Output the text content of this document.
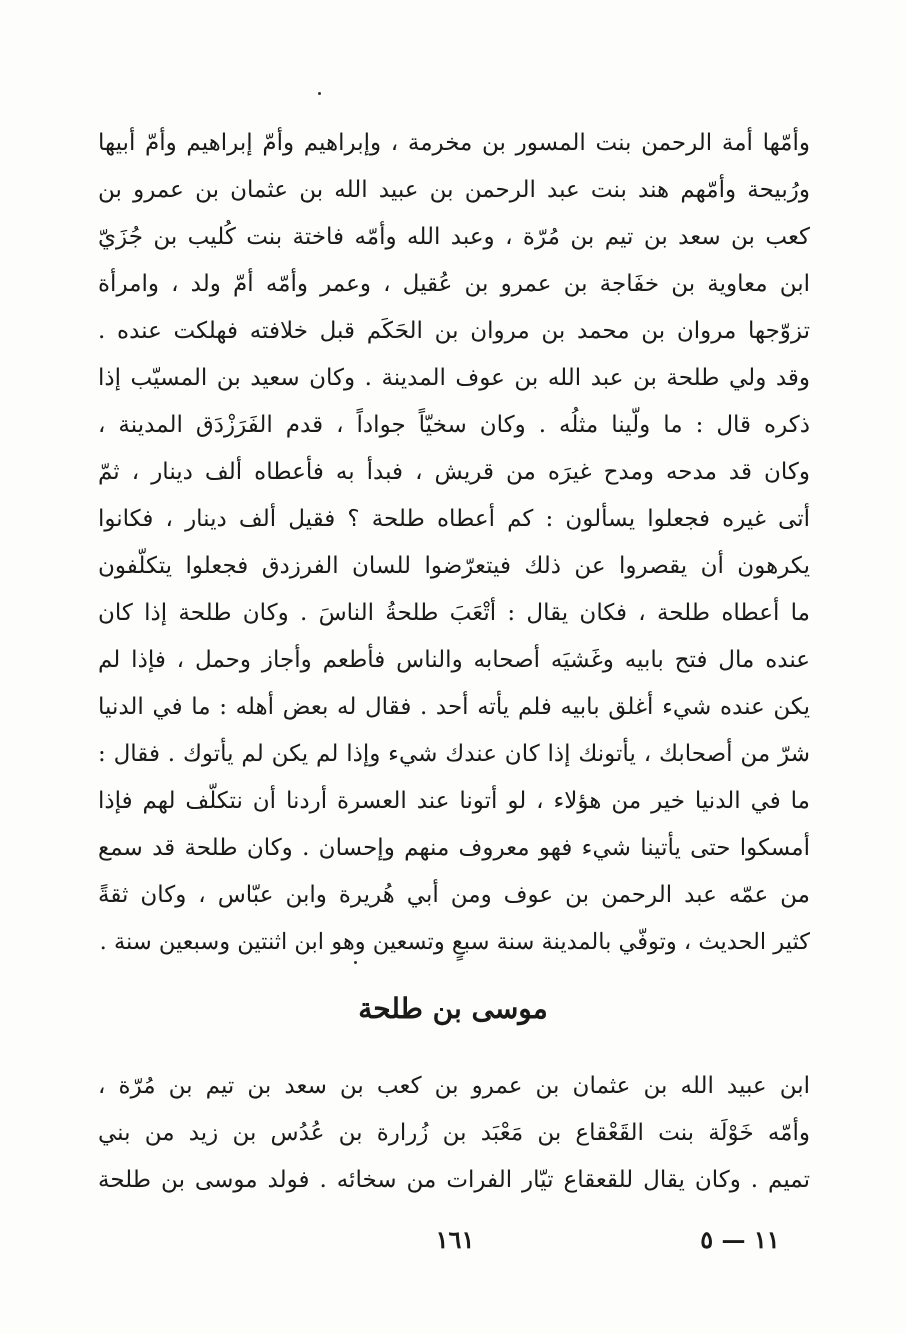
وأمّها أمة الرحمن بنت المسور بن مخرمة ، وإبراهيم وأمّ إبراهيم وأمّ أبيها
ورُبيحة وأمّهم هند بنت عبد الرحمن بن عبيد الله بن عثمان بن عمرو بن
كعب بن سعد بن تيم بن مُرّة ، وعبد الله وأمّه فاختة بنت كُليب بن جُزَيّ
ابن معاوية بن خفَاجة بن عمرو بن عُقيل ، وعمر وأمّه أمّ ولد ، وامرأة
تزوّجها مروان بن محمد بن مروان بن الحَكَم قبل خلافته فهلكت عنده .
وقد ولي طلحة بن عبد الله بن عوف المدينة . وكان سعيد بن المسيّب إذا
ذكره قال : ما ولّينا مثلُه . وكان سخيّاً جواداً ، قدم الفَرَزْدَق المدينة ،
وكان قد مدحه ومدح غيرَه من قريش ، فبدأ به فأعطاه ألف دينار ، ثمّ
أتى غيره فجعلوا يسألون : كم أعطاه طلحة ؟ فقيل ألف دينار ، فكانوا
يكرهون أن يقصروا عن ذلك فيتعرّضوا للسان الفرزدق فجعلوا يتكلّفون
ما أعطاه طلحة ، فكان يقال : أتْعَبَ طلحةُ الناسَ . وكان طلحة إذا كان
عنده مال فتح بابيه وغَشيَه أصحابه والناس فأطعم وأجاز وحمل ، فإذا لم
يكن عنده شيء أغلق بابيه فلم يأته أحد . فقال له بعض أهله : ما في الدنيا
شرّ من أصحابك ، يأتونك إذا كان عندك شيء وإذا لم يكن لم يأتوك . فقال :
ما في الدنيا خير من هؤلاء ، لو أتونا عند العسرة أردنا أن نتكلّف لهم فإذا
أمسكوا حتى يأتينا شيء فهو معروف منهم وإحسان . وكان طلحة قد سمع
من عمّه عبد الرحمن بن عوف ومن أبي هُريرة وابن عبّاس ، وكان ثقةً
كثير الحديث ، وتوفّي بالمدينة سنة سبعٍ وتسعين وهو ابن اثنتين وسبعين سنة .
موسى بن طلحة
ابن عبيد الله بن عثمان بن عمرو بن كعب بن سعد بن تيم بن مُرّة ،
وأمّه خَوْلَة بنت القَعْقاع بن مَعْبَد بن زُرارة بن عُدُس بن زيد من بني
تميم . وكان يقال للقعقاع تيّار الفرات من سخائه . فولد موسى بن طلحة
١٦١	١١ — ٥
